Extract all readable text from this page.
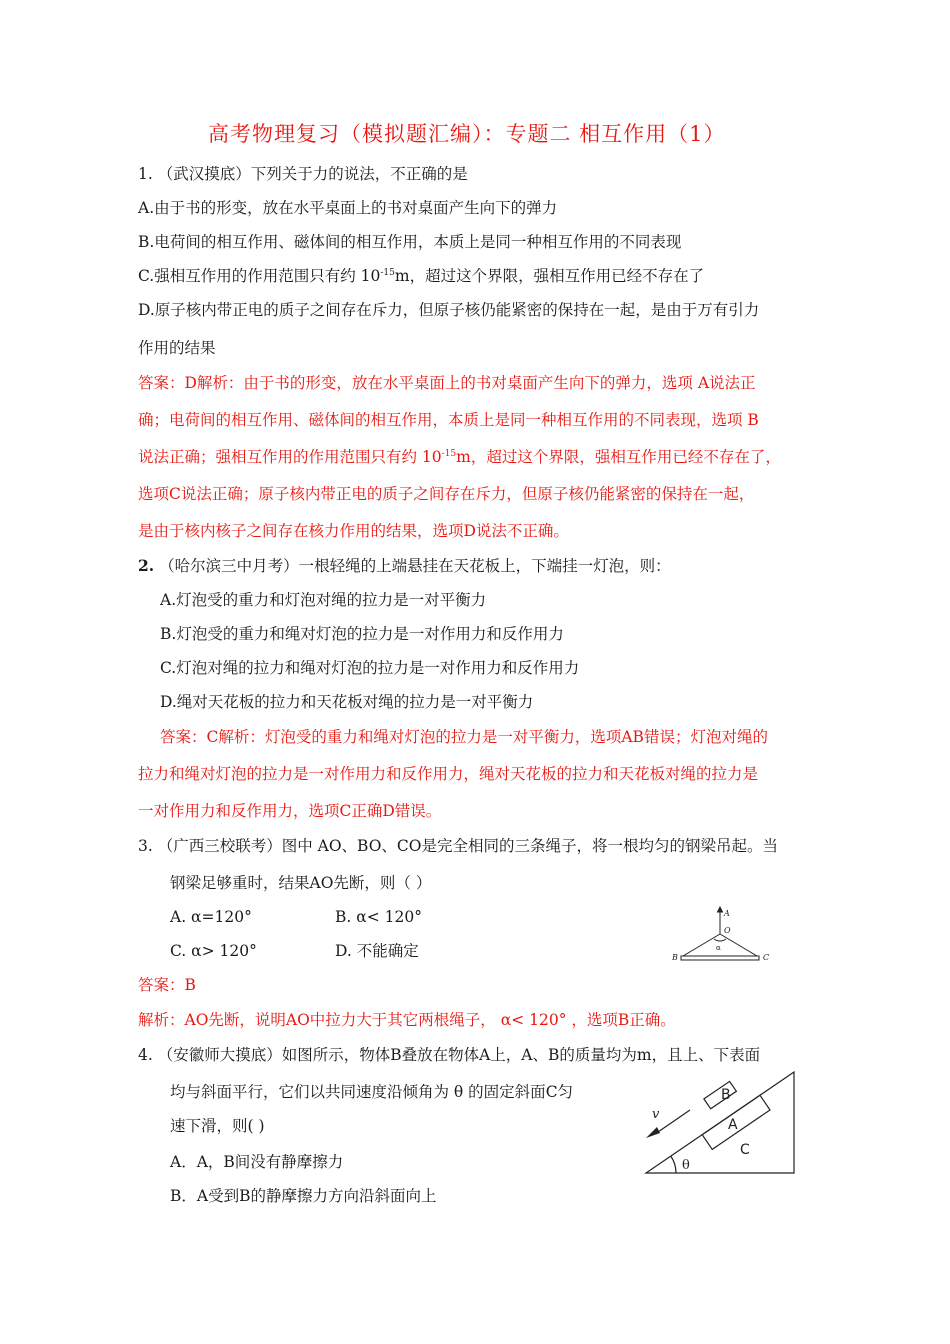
高考物理复习（模拟题汇编）：专题二 相互作用（1）
1. （武汉摸底）下列关于力的说法，不正确的是
A.由于书的形变，放在水平桌面上的书对桌面产生向下的弹力
B.电荷间的相互作用、磁体间的相互作用，本质上是同一种相互作用的不同表现
C.强相互作用的作用范围只有约 $10^{-15}m$，超过这个界限，强相互作用已经不存在了
D.原子核内带正电的质子之间存在斥力，但原子核仍能紧密的保持在一起，是由于万有引力
作用的结果
答案：D解析：由于书的形变，放在水平桌面上的书对桌面产生向下的弹力，选项 A说法正
确；电荷间的相互作用、磁体间的相互作用，本质上是同一种相互作用的不同表现，选项 B
说法正确；强相互作用的作用范围只有约 $10^{-15}m$，超过这个界限，强相互作用已经不存在了，
选项C说法正确；原子核内带正电的质子之间存在斥力，但原子核仍能紧密的保持在一起，
是由于核内核子之间存在核力作用的结果，选项D说法不正确。
2. （哈尔滨三中月考）一根轻绳的上端悬挂在天花板上，下端挂一灯泡，则：
A.灯泡受的重力和灯泡对绳的拉力是一对平衡力
B.灯泡受的重力和绳对灯泡的拉力是一对作用力和反作用力
C.灯泡对绳的拉力和绳对灯泡的拉力是一对作用力和反作用力
D.绳对天花板的拉力和天花板对绳的拉力是一对平衡力
答案：C解析：灯泡受的重力和绳对灯泡的拉力是一对平衡力，选项AB错误；灯泡对绳的
拉力和绳对灯泡的拉力是一对作用力和反作用力，绳对天花板的拉力和天花板对绳的拉力是
一对作用力和反作用力，选项C正确D错误。
3. （广西三校联考）图中 AO、BO、CO是完全相同的三条绳子，将一根均匀的钢梁吊起。当
钢梁足够重时，结果AO先断，则（ ）
A. α=120°	B. α< 120°
C. α> 120°	D. 不能确定
A
O
α
B	C
答案：B
解析：AO先断，说明AO中拉力大于其它两根绳子， α< 120° ，选项B正确。
4. （安徽师大摸底）如图所示，物体B叠放在物体A上，A、B的质量均为m，且上、下表面
均与斜面平行，它们以共同速度沿倾角为 θ 的固定斜面C匀
速下滑，则( )
A．A，B间没有静摩擦力
B．A受到B的静摩擦力方向沿斜面向上
B
A
C
v
θ
